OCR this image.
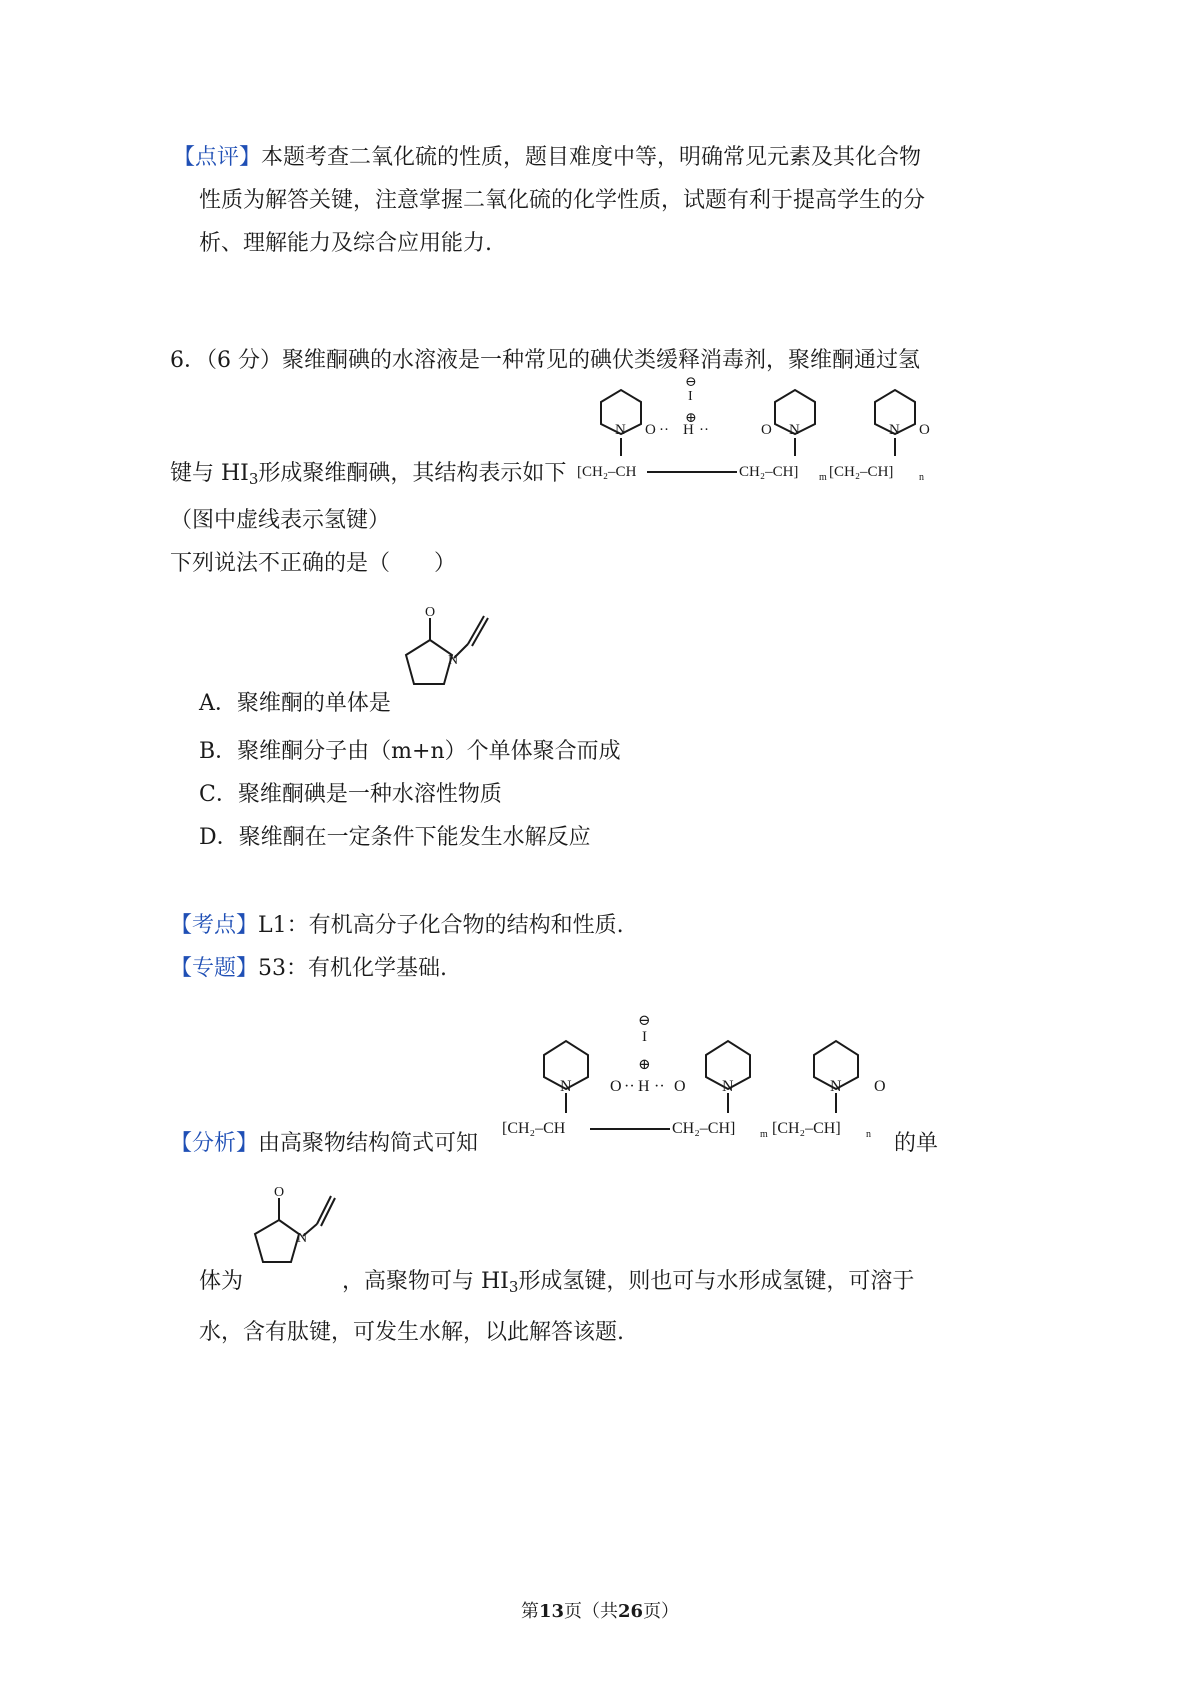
【点评】本题考查二氧化硫的性质，题目难度中等，明确常见元素及其化合物
性质为解答关键，注意掌握二氧化硫的化学性质，试题有利于提高学生的分
析、理解能力及综合应用能力.
6．（6 分）聚维酮碘的水溶液是一种常见的碘伏类缓释消毒剂，聚维酮通过氢
键与 $HI_3$形成聚维酮碘，其结构表示如下
⊖
I
⊕
N O ·· H ··	O N	N O
[CH₂–CH	CH₂–CH] m [CH₂–CH]	n
（图中虚线表示氢键）
下列说法不正确的是（　　）
A．聚维酮的单体是
O
N
B．聚维酮分子由（m+n）个单体聚合而成
C．聚维酮碘是一种水溶性物质
D．聚维酮在一定条件下能发生水解反应
【考点】L1：有机高分子化合物的结构和性质.
【专题】53：有机化学基础.
【分析】由高聚物结构简式可知	的单
⊖
I
⊕
N O ·· H ·· O N	N O
[CH₂–CH	CH₂–CH] m [CH₂–CH]	n
O
N
体为	，高聚物可与 $HI_3$形成氢键，则也可与水形成氢键，可溶于
水，含有肽键，可发生水解，以此解答该题.
第13页（共26页）
